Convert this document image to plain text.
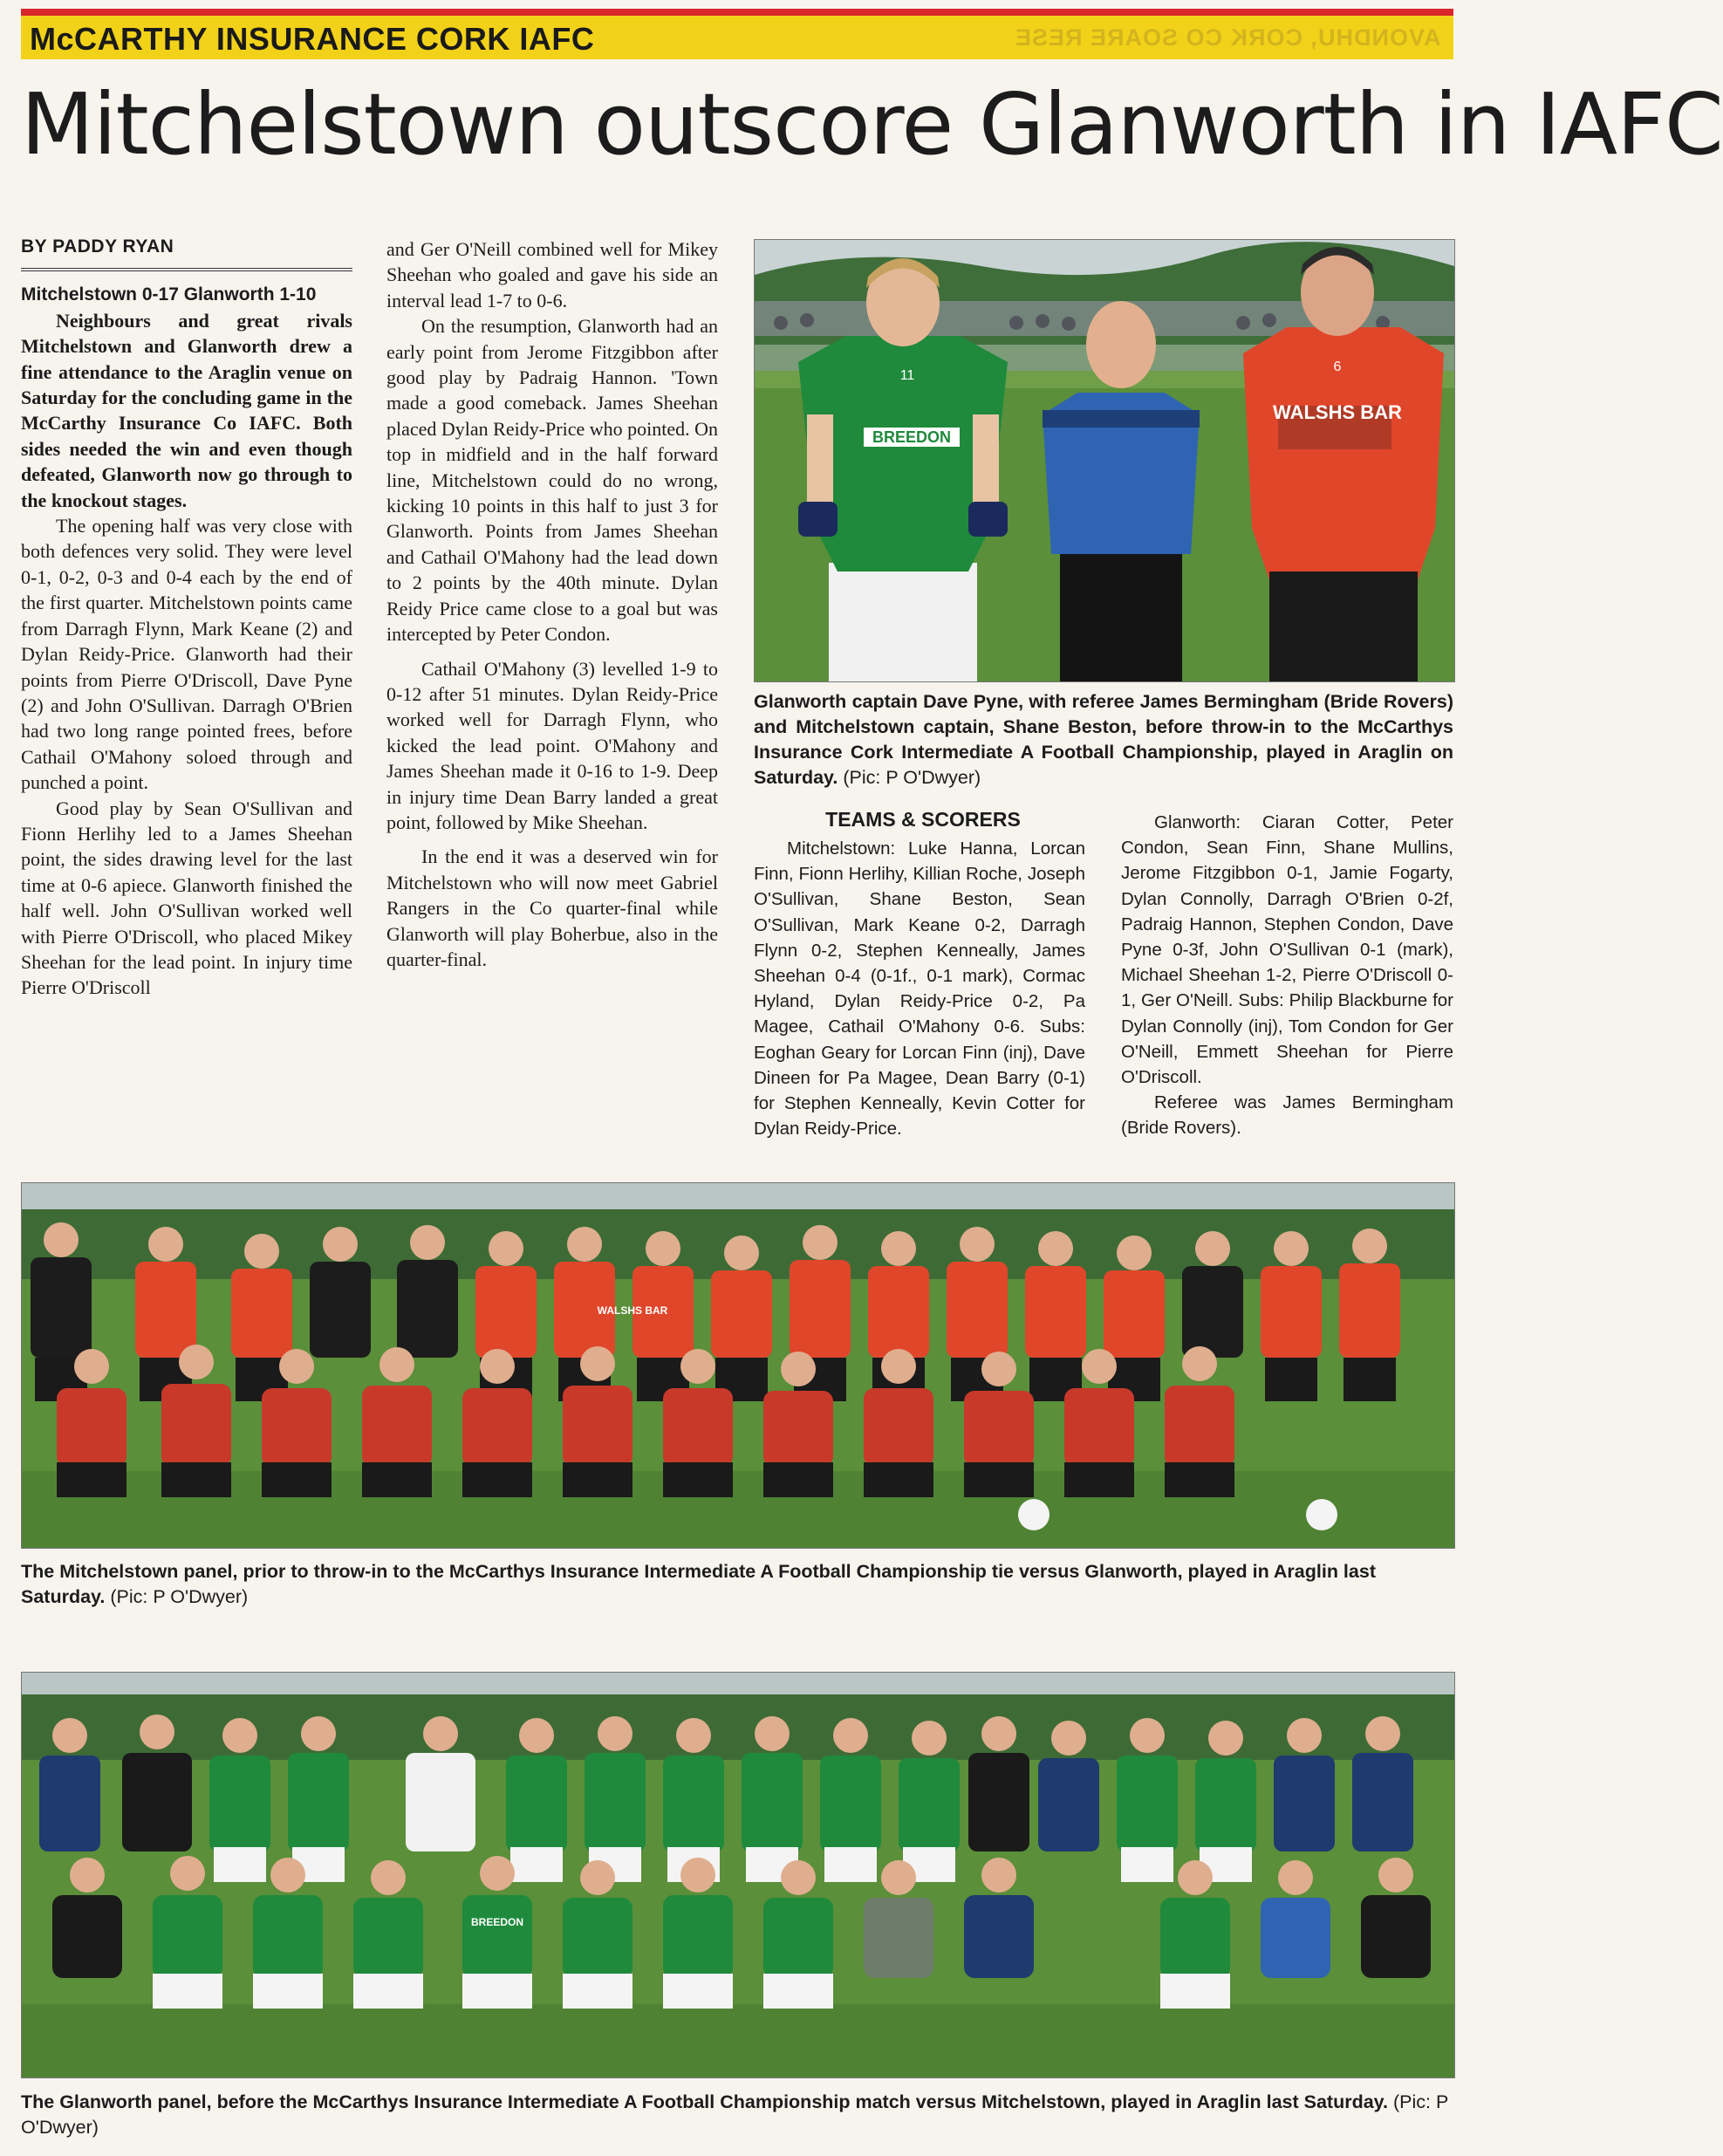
McCARTHY INSURANCE CORK IAFC	AVONDHU, CORK CO SOARE RESE
Mitchelstown outscore Glanworth in IAFC
BY PADDY RYAN

Mitchelstown 0-17 Glanworth 1-10

Neighbours and great rivals Mitchelstown and Glanworth drew a fine attendance to the Araglin venue on Saturday for the concluding game in the McCarthy Insurance Co IAFC. Both sides needed the win and even though defeated, Glanworth now go through to the knockout stages.

The opening half was very close with both defences very solid. They were level 0-1, 0-2, 0-3 and 0-4 each by the end of the first quarter. Mitchelstown points came from Darragh Flynn, Mark Keane (2) and Dylan Reidy-Price. Glanworth had their points from Pierre O'Driscoll, Dave Pyne (2) and John O'Sullivan. Darragh O'Brien had two long range pointed frees, before Cathail O'Mahony soloed through and punched a point.

Good play by Sean O'Sullivan and Fionn Herlihy led to a James Sheehan point, the sides drawing level for the last time at 0-6 apiece. Glanworth finished the half well. John O'Sullivan worked well with Pierre O'Driscoll, who placed Mikey Sheehan for the lead point. In injury time Pierre O'Driscoll

and Ger O'Neill combined well for Mikey Sheehan who goaled and gave his side an interval lead 1-7 to 0-6.

On the resumption, Glanworth had an early point from Jerome Fitzgibbon after good play by Padraig Hannon. 'Town made a good comeback. James Sheehan placed Dylan Reidy-Price who pointed. On top in midfield and in the half forward line, Mitchelstown could do no wrong, kicking 10 points in this half to just 3 for Glanworth. Points from James Sheehan and Cathail O'Mahony had the lead down to 2 points by the 40th minute. Dylan Reidy Price came close to a goal but was intercepted by Peter Condon.

Cathail O'Mahony (3) levelled 1-9 to 0-12 after 51 minutes. Dylan Reidy-Price worked well for Darragh Flynn, who kicked the lead point. O'Mahony and James Sheehan made it 0-16 to 1-9. Deep in injury time Dean Barry landed a great point, followed by Mike Sheehan.

In the end it was a deserved win for Mitchelstown who will now meet Gabriel Rangers in the Co quarter-final while Glanworth will play Boherbue, also in the quarter-final.

BREEDON
11
WALSHS BAR
6
Glanworth captain Dave Pyne, with referee James Bermingham (Bride Rovers) and Mitchelstown captain, Shane Beston, before throw-in to the McCarthys Insurance Cork Intermediate A Football Championship, played in Araglin on Saturday. (Pic: P O'Dwyer)
TEAMS & SCORERS

Mitchelstown: Luke Hanna, Lorcan Finn, Fionn Herlihy, Killian Roche, Joseph O'Sullivan, Shane Beston, Sean O'Sullivan, Mark Keane 0-2, Darragh Flynn 0-2, Stephen Kenneally, James Sheehan 0-4 (0-1f., 0-1 mark), Cormac Hyland, Dylan Reidy-Price 0-2, Pa Magee, Cathail O'Mahony 0-6. Subs: Eoghan Geary for Lorcan Finn (inj), Dave Dineen for Pa Magee, Dean Barry (0-1) for Stephen Kenneally, Kevin Cotter for Dylan Reidy-Price.

Glanworth: Ciaran Cotter, Peter Condon, Sean Finn, Shane Mullins, Jerome Fitzgibbon 0-1, Jamie Fogarty, Dylan Connolly, Darragh O'Brien 0-2f, Padraig Hannon, Stephen Condon, Dave Pyne 0-3f, John O'Sullivan 0-1 (mark), Michael Sheehan 1-2, Pierre O'Driscoll 0-1, Ger O'Neill. Subs: Philip Blackburne for Dylan Connolly (inj), Tom Condon for Ger O'Neill, Emmett Sheehan for Pierre O'Driscoll.

Referee was James Bermingham (Bride Rovers).

WALSHS BAR
The Mitchelstown panel, prior to throw-in to the McCarthys Insurance Intermediate A Football Championship tie versus Glanworth, played in Araglin last Saturday. (Pic: P O'Dwyer)
BREEDON
The Glanworth panel, before the McCarthys Insurance Intermediate A Football Championship match versus Mitchelstown, played in Araglin last Saturday. (Pic: P O'Dwyer)
